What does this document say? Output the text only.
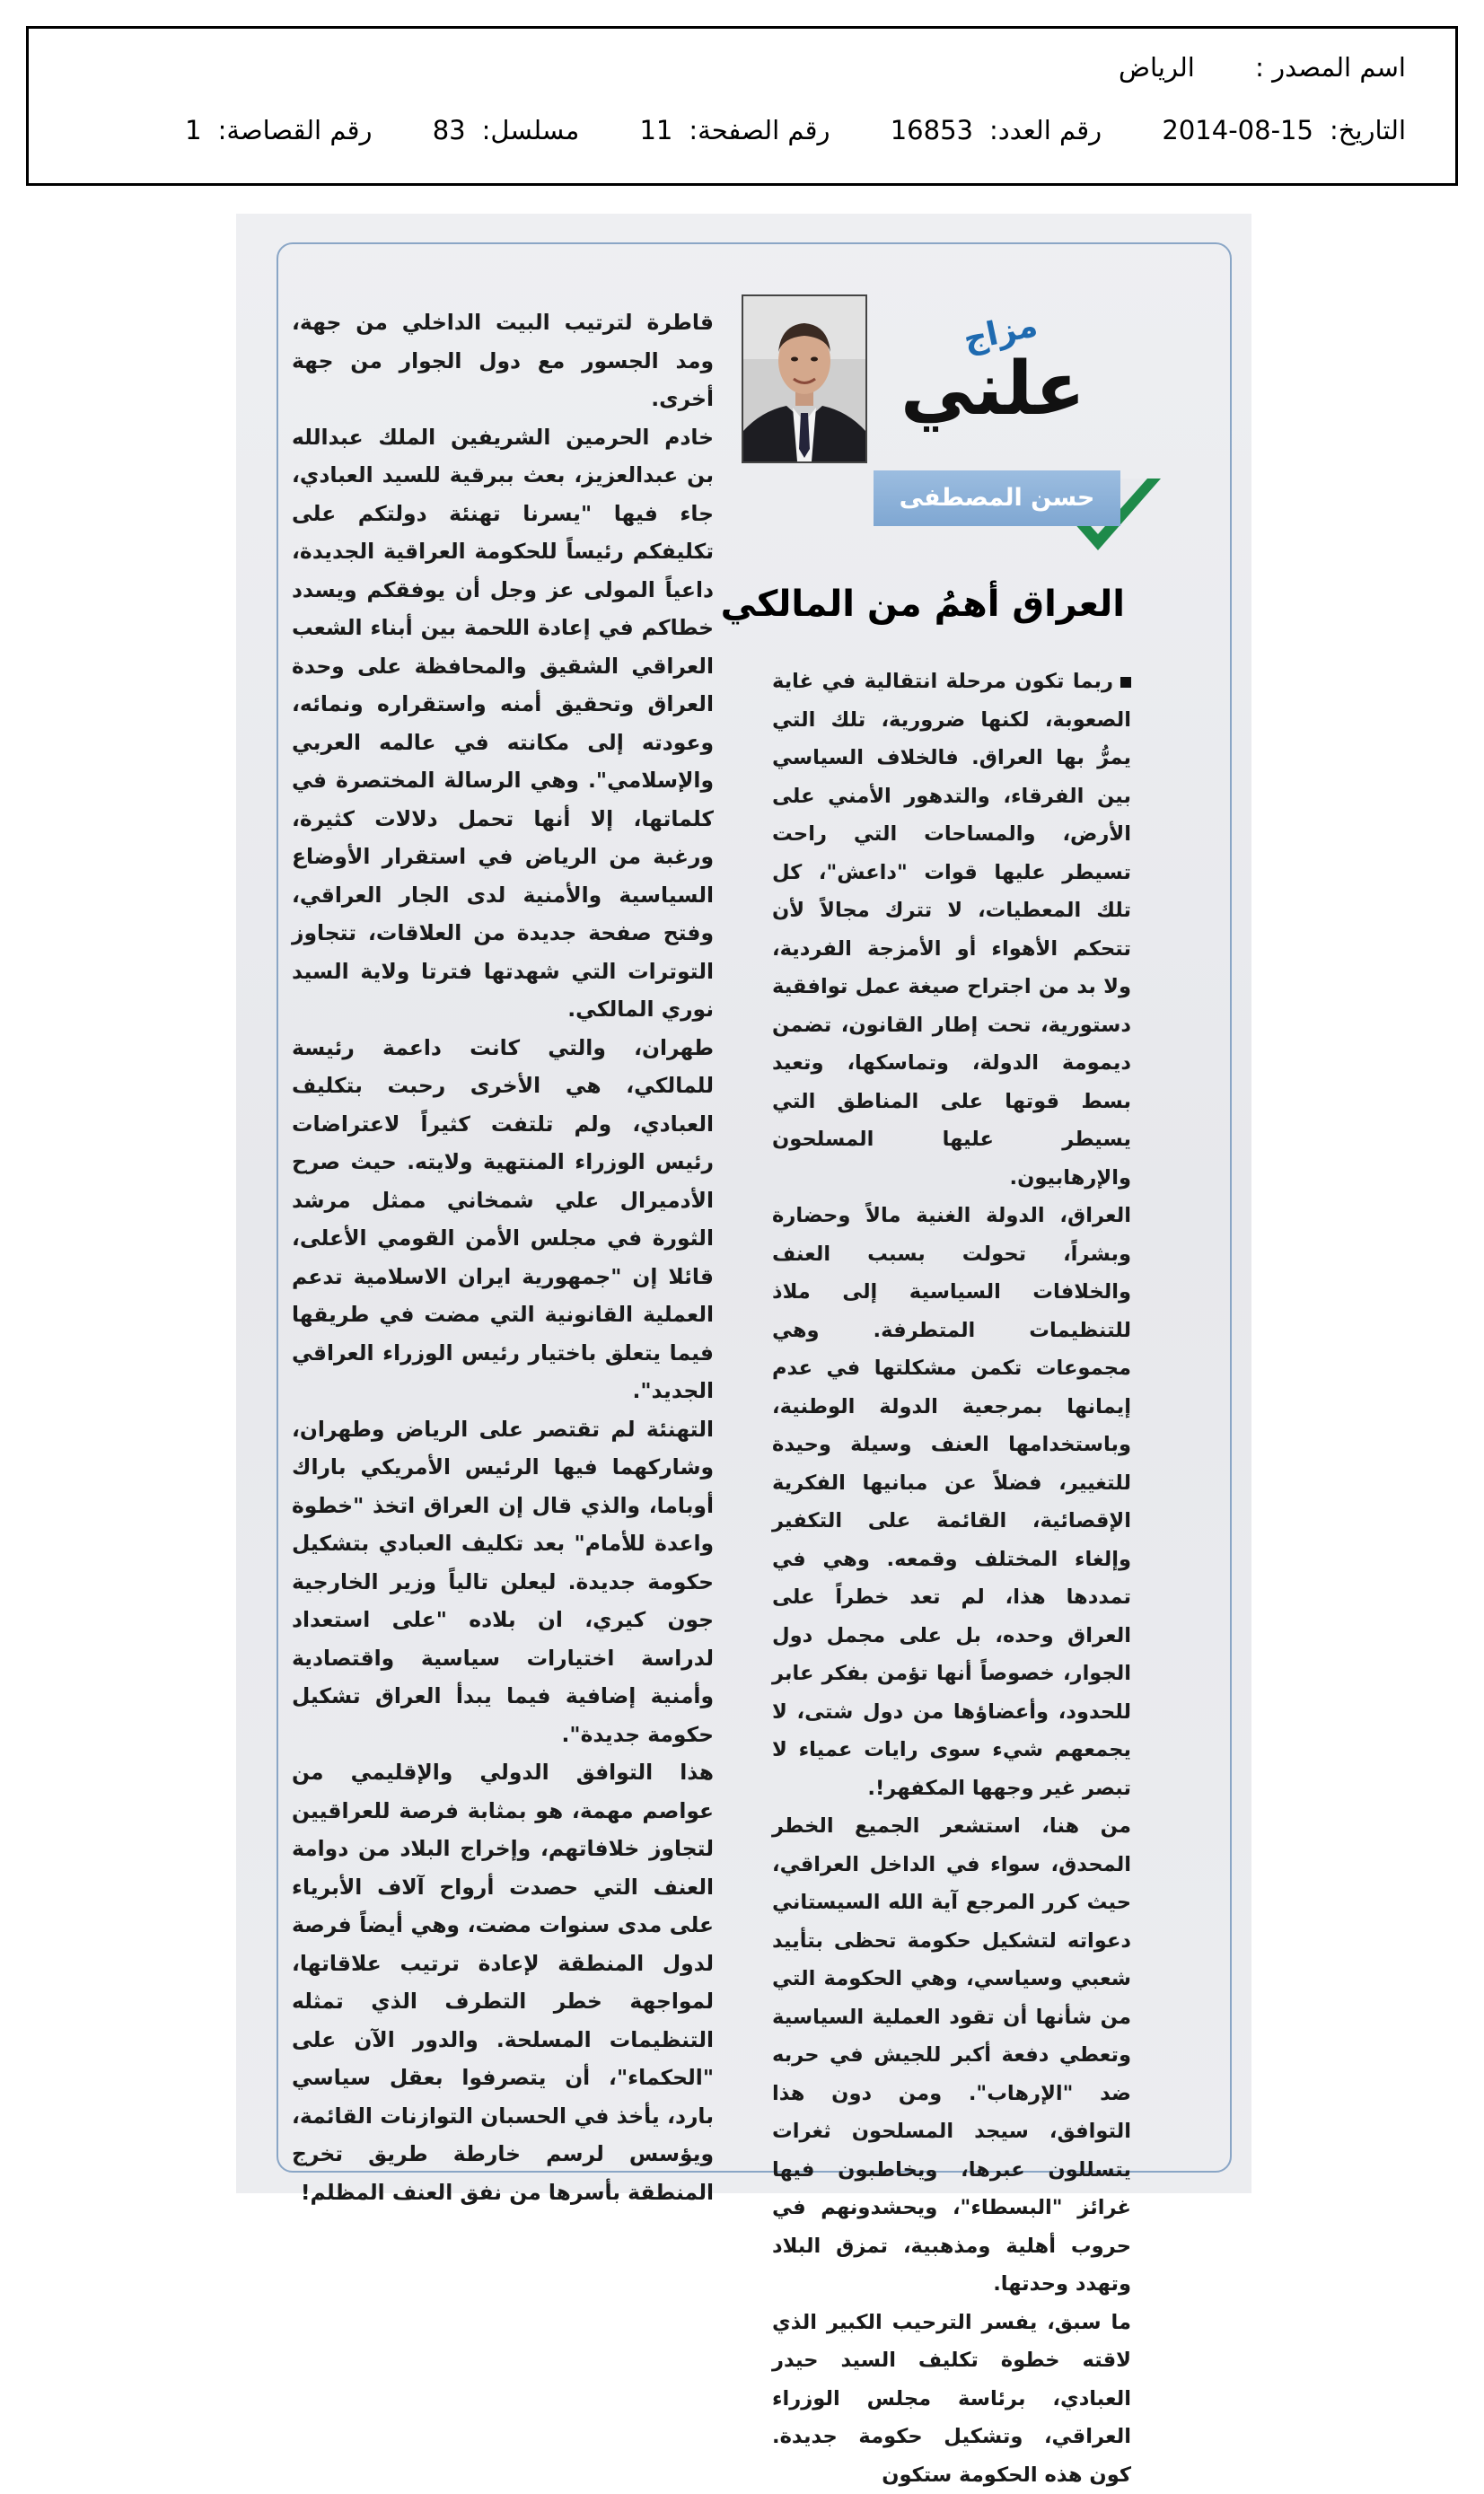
اسم المصدر : الرياض
التاريخ:2014-08-15 رقم العدد:16853 رقم الصفحة:11 مسلسل:83 رقم القصاصة:1
مزاج
علني
حسن المصطفى
العراق أهمُ من المالكي

ربما تكون مرحلة انتقالية في غاية الصعوبة، لكنها ضرورية، تلك التي يمرُّ بها العراق. فالخلاف السياسي بين الفرقاء، والتدهور الأمني على الأرض، والمساحات التي راحت تسيطر عليها قوات "داعش"، كل تلك المعطيات، لا تترك مجالاً لأن تتحكم الأهواء أو الأمزجة الفردية، ولا بد من اجتراح صيغة عمل توافقية دستورية، تحت إطار القانون، تضمن ديمومة الدولة، وتماسكها، وتعيد بسط قوتها على المناطق التي يسيطر عليها المسلحون والإرهابيون.

العراق، الدولة الغنية مالاً وحضارة وبشراً، تحولت بسبب العنف والخلافات السياسية إلى ملاذ للتنظيمات المتطرفة. وهي مجموعات تكمن مشكلتها في عدم إيمانها بمرجعية الدولة الوطنية، وباستخدامها العنف وسيلة وحيدة للتغيير، فضلاً عن مبانيها الفكرية الإقصائية، القائمة على التكفير وإلغاء المختلف وقمعه. وهي في تمددها هذا، لم تعد خطراً على العراق وحده، بل على مجمل دول الجوار، خصوصاً أنها تؤمن بفكر عابر للحدود، وأعضاؤها من دول شتى، لا يجمعهم شيء سوى رايات عمياء لا تبصر غير وجهها المكفهر!.

من هنا، استشعر الجميع الخطر المحدق، سواء في الداخل العراقي، حيث كرر المرجع آية الله السيستاني دعواته لتشكيل حكومة تحظى بتأييد شعبي وسياسي، وهي الحكومة التي من شأنها أن تقود العملية السياسية وتعطي دفعة أكبر للجيش في حربه ضد "الإرهاب". ومن دون هذا التوافق، سيجد المسلحون ثغرات يتسللون عبرها، ويخاطبون فيها غرائز "البسطاء"، ويحشدونهم في حروب أهلية ومذهبية، تمزق البلاد وتهدد وحدتها.

ما سبق، يفسر الترحيب الكبير الذي لاقته خطوة تكليف السيد حيدر العبادي، برئاسة مجلس الوزراء العراقي، وتشكيل حكومة جديدة. كون هذه الحكومة ستكون

قاطرة لترتيب البيت الداخلي من جهة، ومد الجسور مع دول الجوار من جهة أخرى.

خادم الحرمين الشريفين الملك عبدالله بن عبدالعزيز، بعث ببرقية للسيد العبادي، جاء فيها "يسرنا تهنئة دولتكم على تكليفكم رئيساً للحكومة العراقية الجديدة، داعياً المولى عز وجل أن يوفقكم ويسدد خطاكم في إعادة اللحمة بين أبناء الشعب العراقي الشقيق والمحافظة على وحدة العراق وتحقيق أمنه واستقراره ونمائه، وعودته إلى مكانته في عالمه العربي والإسلامي". وهي الرسالة المختصرة في كلماتها، إلا أنها تحمل دلالات كثيرة، ورغبة من الرياض في استقرار الأوضاع السياسية والأمنية لدى الجار العراقي، وفتح صفحة جديدة من العلاقات، تتجاوز التوترات التي شهدتها فترتا ولاية السيد نوري المالكي.

طهران، والتي كانت داعمة رئيسة للمالكي، هي الأخرى رحبت بتكليف العبادي، ولم تلتفت كثيراً لاعتراضات رئيس الوزراء المنتهية ولايته. حيث صرح الأدميرال علي شمخاني ممثل مرشد الثورة في مجلس الأمن القومي الأعلى، قائلا إن "جمهورية ايران الاسلامية تدعم العملية القانونية التي مضت في طريقها فيما يتعلق باختيار رئيس الوزراء العراقي الجديد".

التهنئة لم تقتصر على الرياض وطهران، وشاركهما فيها الرئيس الأمريكي باراك أوباما، والذي قال إن العراق اتخذ "خطوة واعدة للأمام" بعد تكليف العبادي بتشكيل حكومة جديدة. ليعلن تالياً وزير الخارجية جون كيري، ان بلاده "على استعداد لدراسة اختيارات سياسية واقتصادية وأمنية إضافية فيما يبدأ العراق تشكيل حكومة جديدة".

هذا التوافق الدولي والإقليمي من عواصم مهمة، هو بمثابة فرصة للعراقيين لتجاوز خلافاتهم، وإخراج البلاد من دوامة العنف التي حصدت أرواح آلاف الأبرياء على مدى سنوات مضت، وهي أيضاً فرصة لدول المنطقة لإعادة ترتيب علاقاتها، لمواجهة خطر التطرف الذي تمثله التنظيمات المسلحة. والدور الآن على "الحكماء"، أن يتصرفوا بعقل سياسي بارد، يأخذ في الحسبان التوازنات القائمة، ويؤسس لرسم خارطة طريق تخرج المنطقة بأسرها من نفق العنف المظلم!
